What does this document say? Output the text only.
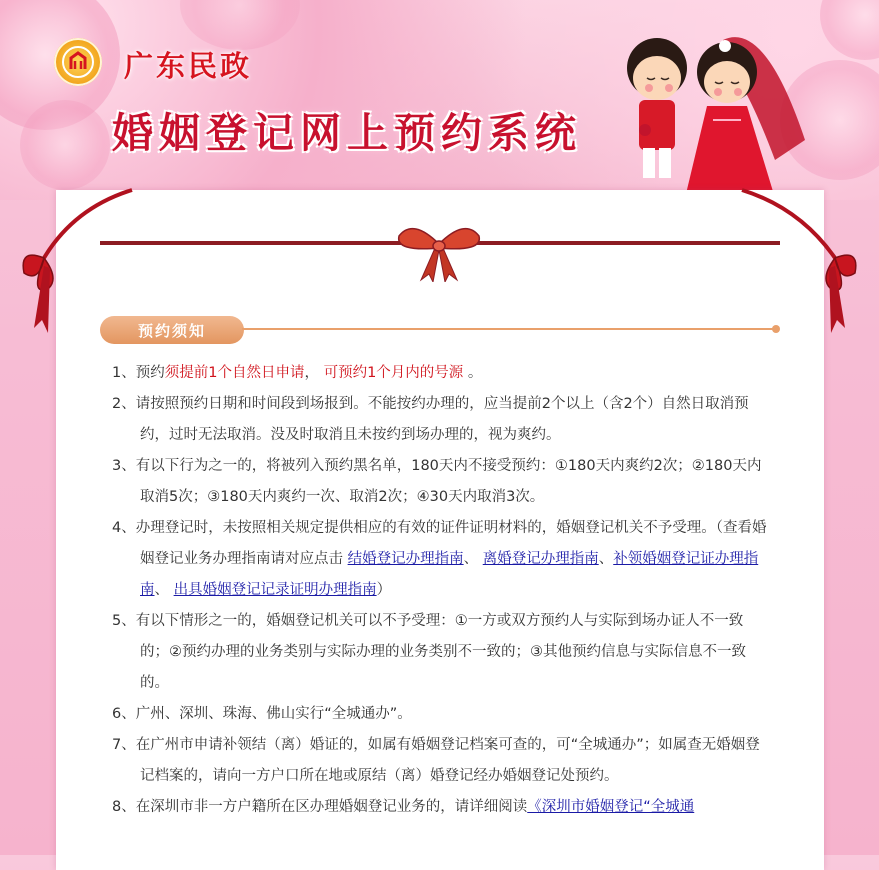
广东民政
婚姻登记网上预约系统
预约须知
1、预约须提前1个自然日申请， 可预约1个月内的号源 。
2、请按照预约日期和时间段到场报到。不能按约办理的，应当提前2个以上（含2个）自然日取消预约，过时无法取消。没及时取消且未按约到场办理的，视为爽约。
3、有以下行为之一的，将被列入预约黑名单，180天内不接受预约：①180天内爽约2次；②180天内取消5次；③180天内爽约一次、取消2次；④30天内取消3次。
4、办理登记时，未按照相关规定提供相应的有效的证件证明材料的，婚姻登记机关不予受理。（查看婚姻登记业务办理指南请对应点击 结婚登记办理指南、 离婚登记办理指南、补领婚姻登记证办理指南、 出具婚姻登记记录证明办理指南）
5、有以下情形之一的，婚姻登记机关可以不予受理：①一方或双方预约人与实际到场办证人不一致的；②预约办理的业务类别与实际办理的业务类别不一致的；③其他预约信息与实际信息不一致的。
6、广州、深圳、珠海、佛山实行“全城通办”。
7、在广州市申请补领结（离）婚证的，如属有婚姻登记档案可查的，可“全城通办”；如属查无婚姻登记档案的，请向一方户口所在地或原结（离）婚登记经办婚姻登记处预约。
8、在深圳市非一方户籍所在区办理婚姻登记业务的，请详细阅读《深圳市婚姻登记“全城通
